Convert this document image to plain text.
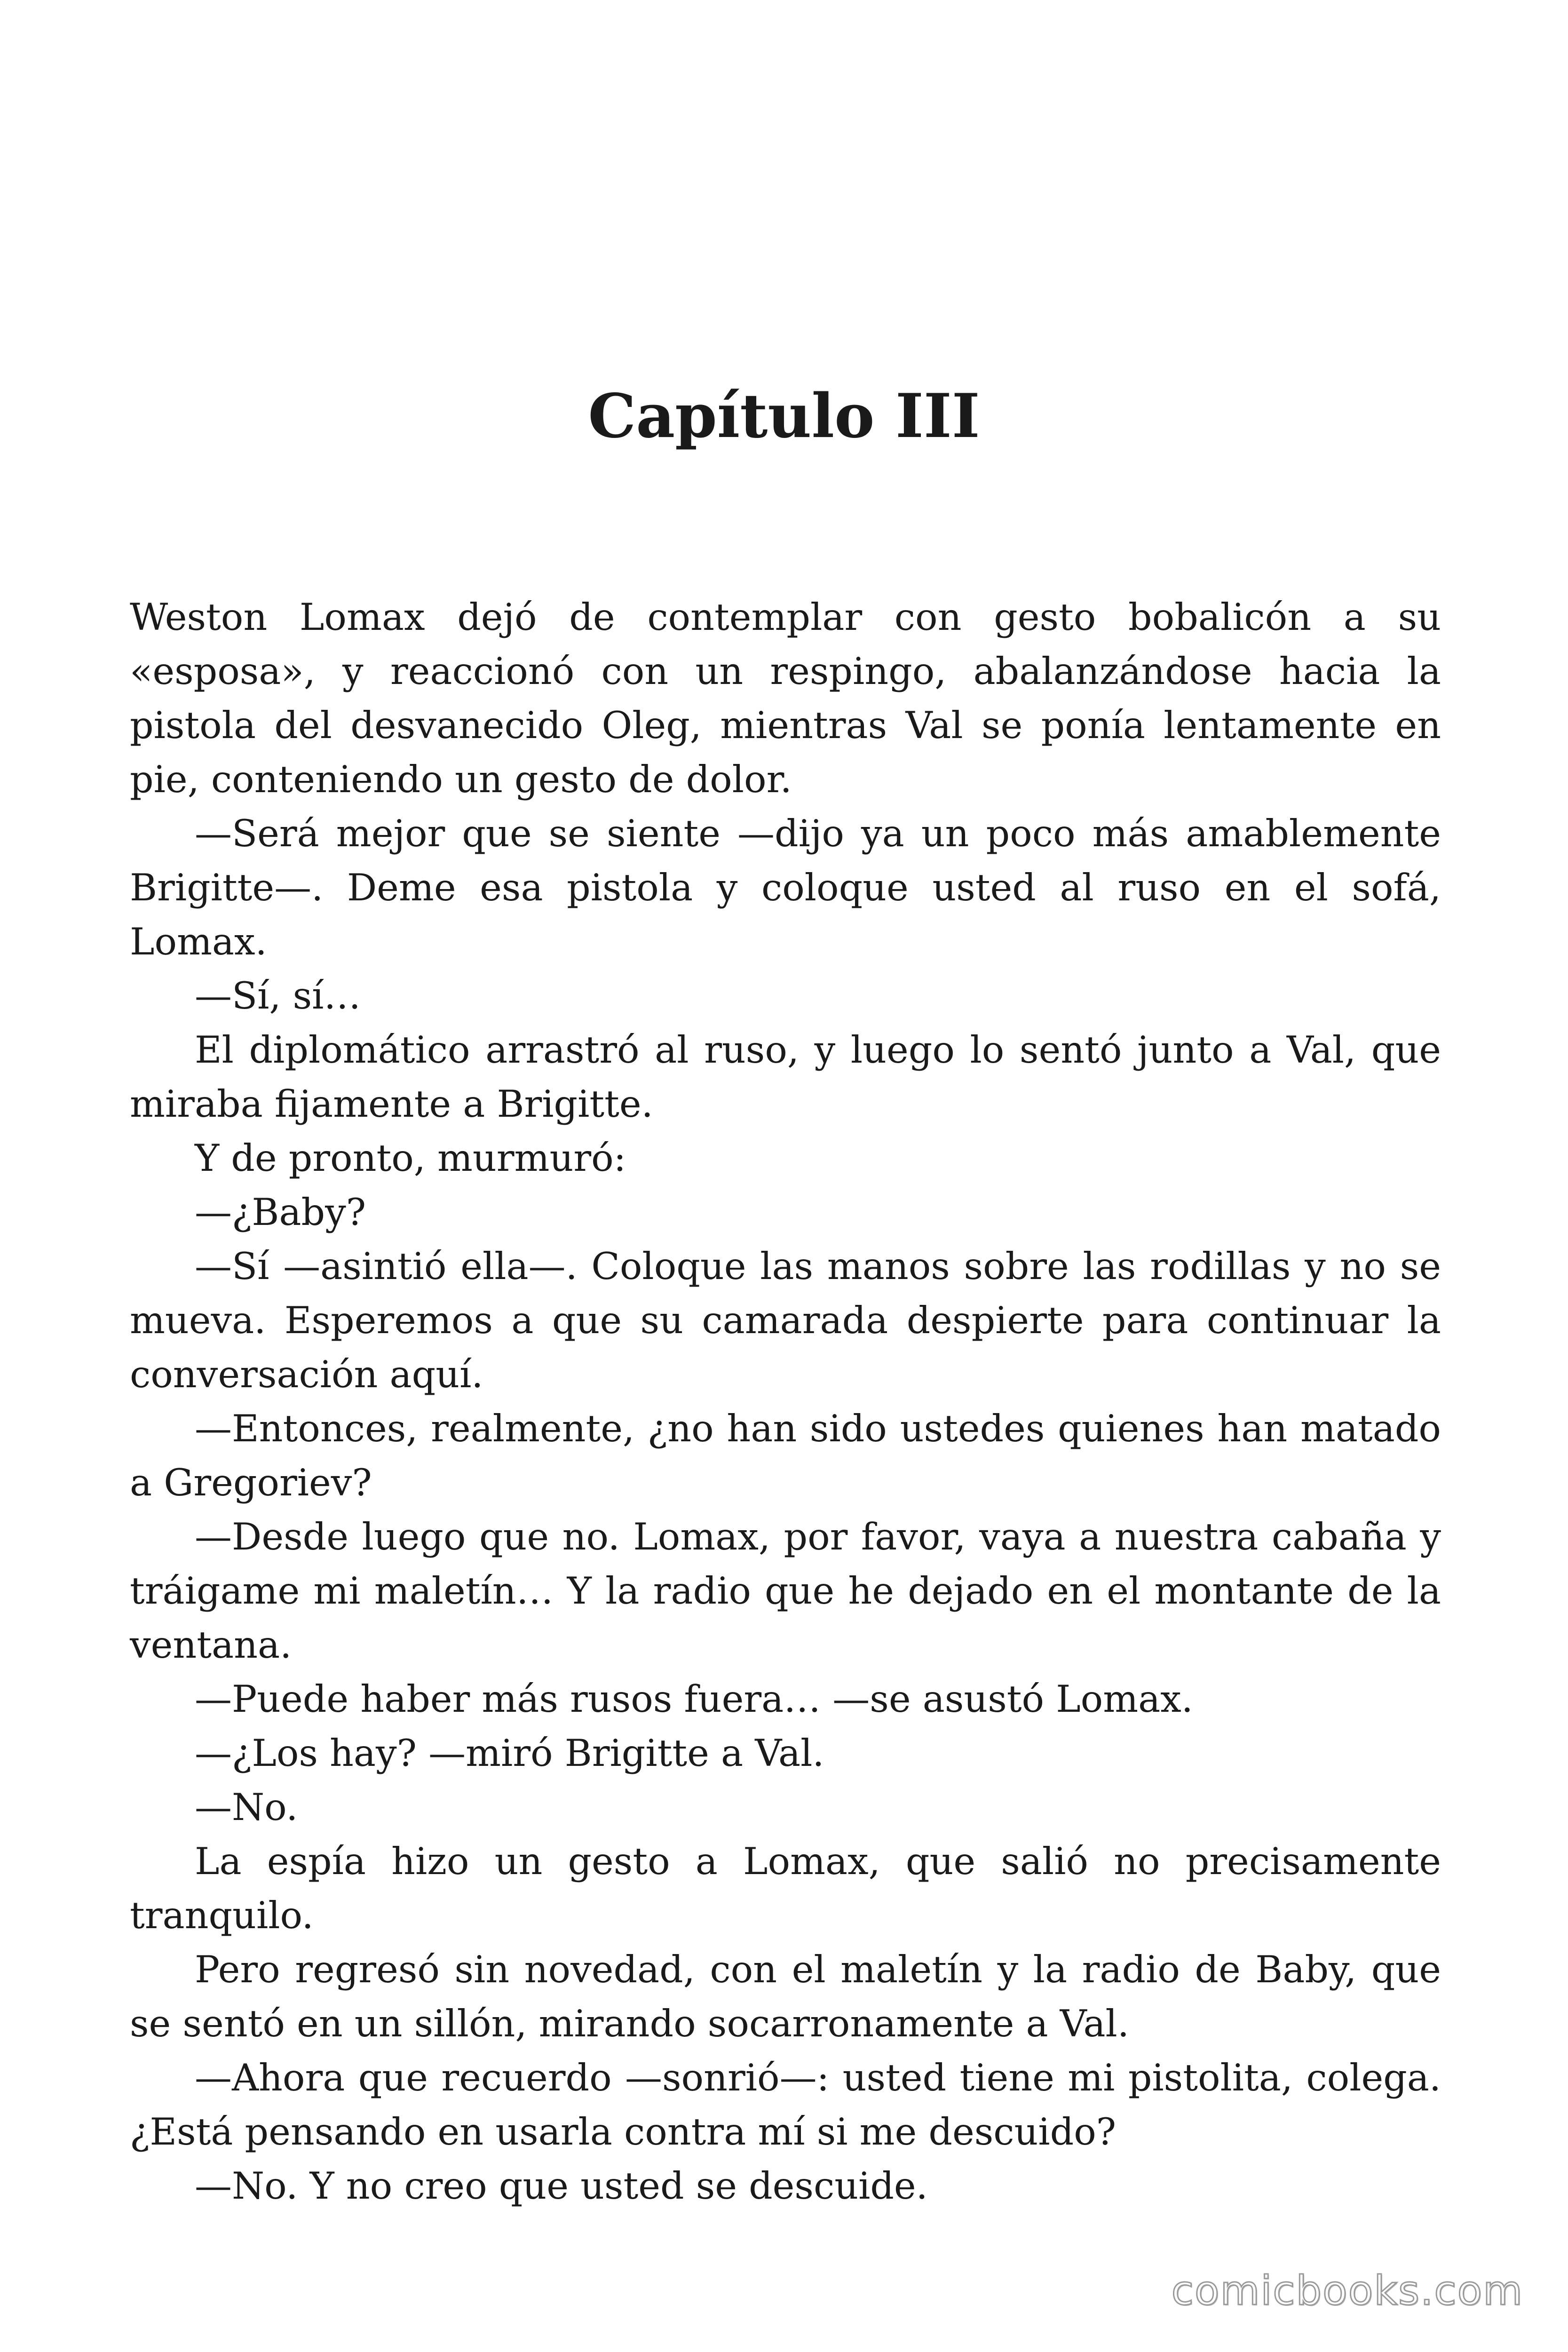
Capítulo III

Weston Lomax dejó de contemplar con gesto bobalicón a su «esposa», y reaccionó con un respingo, abalanzándose hacia la pistola del desvanecido Oleg, mientras Val se ponía lentamente en pie, conteniendo un gesto de dolor.

—Será mejor que se siente —dijo ya un poco más amablemente Brigitte—. Deme esa pistola y coloque usted al ruso en el sofá, Lomax.

—Sí, sí…

El diplomático arrastró al ruso, y luego lo sentó junto a Val, que miraba fijamente a Brigitte.

Y de pronto, murmuró:

—¿Baby?

—Sí —asintió ella—. Coloque las manos sobre las rodillas y no se mueva. Esperemos a que su camarada despierte para continuar la conversación aquí.

—Entonces, realmente, ¿no han sido ustedes quienes han matado a Gregoriev?

—Desde luego que no. Lomax, por favor, vaya a nuestra cabaña y tráigame mi maletín… Y la radio que he dejado en el montante de la ventana.

—Puede haber más rusos fuera… —se asustó Lomax.

—¿Los hay? —miró Brigitte a Val.

—No.

La espía hizo un gesto a Lomax, que salió no precisamente tranquilo.

Pero regresó sin novedad, con el maletín y la radio de Baby, que se sentó en un sillón, mirando socarronamente a Val.

—Ahora que recuerdo —sonrió—: usted tiene mi pistolita, colega. ¿Está pensando en usarla contra mí si me descuido?

—No. Y no creo que usted se descuide.

comicbooks.com
